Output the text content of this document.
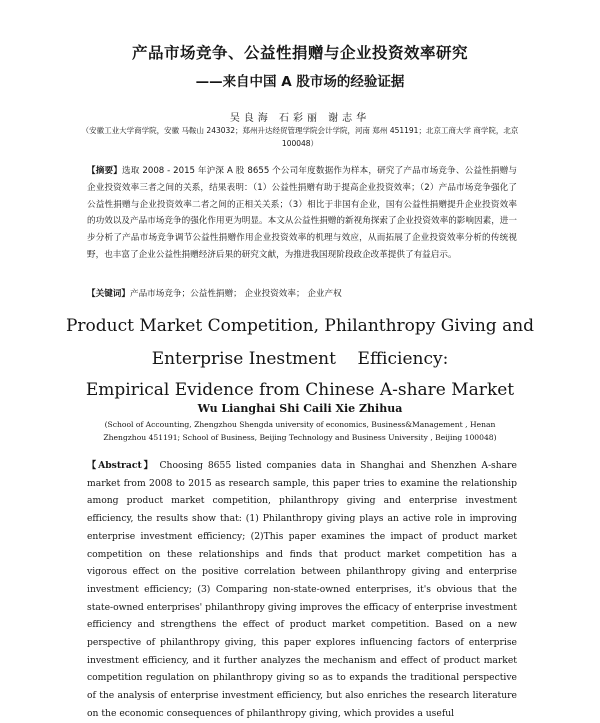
产品市场竞争、公益性捐赠与企业投资效率研究
——来自中国 A 股市场的经验证据
吴良海 石彩丽 谢志华
（安徽工业大学商学院，安徽 马鞍山 243032；郑州升达经贸管理学院会计学院，河南 郑州 451191；北京工商大学 商学院，北京 100048）
【摘要】选取 2008 - 2015 年沪深 A 股 8655 个公司年度数据作为样本，研究了产品市场竞争、公益性捐赠与企业投资效率三者之间的关系，结果表明：（1）公益性捐赠有助于提高企业投资效率；（2）产品市场竞争强化了公益性捐赠与企业投资效率二者之间的正相关关系；（3）相比于非国有企业，国有公益性捐赠提升企业投资效率的功效以及产品市场竞争的强化作用更为明显。本文从公益性捐赠的新视角探索了企业投资效率的影响因素，进一步分析了产品市场竞争调节公益性捐赠作用企业投资效率的机理与效应，从而拓展了企业投资效率分析的传统视野，也丰富了企业公益性捐赠经济后果的研究文献，为推进我国现阶段政企改革提供了有益启示。
【关键词】产品市场竞争；公益性捐赠； 企业投资效率； 企业产权
Product Market Competition, Philanthropy Giving and
Enterprise Inestment    Efficiency:
Empirical Evidence from Chinese A-share Market
Wu Lianghai Shi Caili Xie Zhihua
(School of Accounting, Zhengzhou Shengda university of economics, Business&Management , Henan Zhengzhou 451191; School of Business, Beijing Technology and Business University , Beijing 100048)
【Abstract】 Choosing 8655 listed companies data in Shanghai and Shenzhen A-share market from 2008 to 2015 as research sample, this paper tries to examine the relationship among product market competition, philanthropy giving and enterprise investment efficiency, the results show that: (1) Philanthropy giving plays an active role in improving enterprise investment efficiency; (2)This paper examines the impact of product market competition on these relationships and finds that product market competition has a vigorous effect on the positive correlation between philanthropy giving and enterprise investment efficiency; (3) Comparing non-state-owned enterprises, it's obvious that the state-owned enterprises' philanthropy giving improves the efficacy of enterprise investment efficiency and strengthens the effect of product market competition. Based on a new perspective of philanthropy giving, this paper explores influencing factors of enterprise investment efficiency, and it further analyzes the mechanism and effect of product market competition regulation on philanthropy giving so as to expands the traditional perspective of the analysis of enterprise investment efficiency, but also enriches the research literature on the economic consequences of philanthropy giving, which provides a useful
